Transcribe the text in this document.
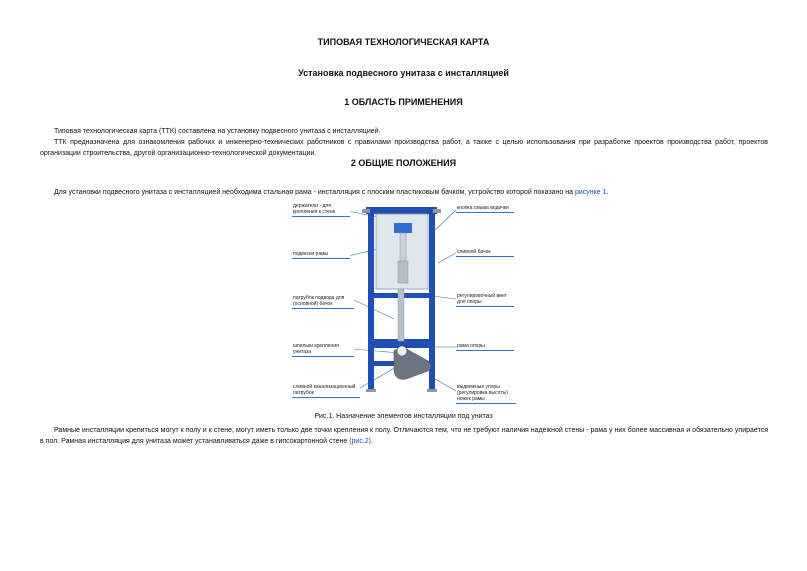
ТИПОВАЯ ТЕХНОЛОГИЧЕСКАЯ КАРТА
Установка подвесного унитаза с инсталляцией
1 ОБЛАСТЬ ПРИМЕНЕНИЯ

Типовая технологическая карта (ТТК) составлена на установку подвесного унитаза с инсталляцией.

ТТК предназначена для ознакомления рабочих и инженерно-технических работников с правилами производства работ, а также с целью использования при разработке проектов производства работ, проектов организации строительства, другой организационно-технологической документации.

2 ОБЩИЕ ПОЛОЖЕНИЯ

Для установки подвесного унитаза с инсталляцией необходима стальная рама - инсталляция с плоским пластиковым бачком, устройство которой показано на рисунке 1.

держатели - для крепления к стене
подвески рамы
патрубок подвода для (основной) бачок
шпильки крепления унитаза
сливной канализационный патрубок
кнопка смыва водички
сливной бачок
регулировочный винт для опоры
рама опоры
выдвижные упоры (регулировка высоты) ножек рамы
Рис.1. Назначение элементов инсталляции под унитаз

Рамные инсталляции крепиться могут к полу и к стене, могут иметь только две точки крепления к полу. Отличаются тем, что не требуют наличия надежной стены - рама у них более массивная и обязательно упирается в пол. Рамная инсталляция для унитаза может устанавливаться даже в гипсокартонной стене (рис.2).
